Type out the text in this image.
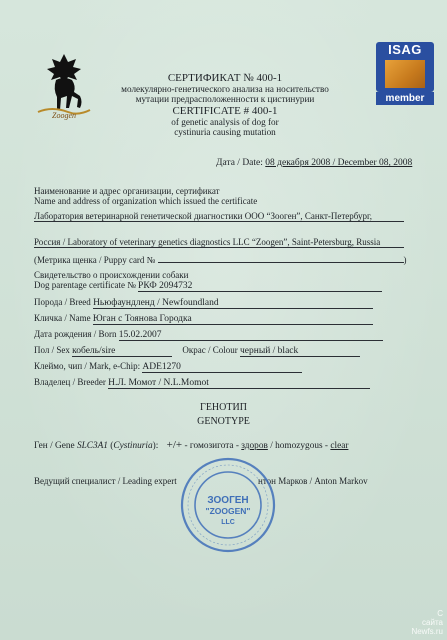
Zoogen
ISAG
member
СЕРТИФИКАТ № 400-1
молекулярно-генетического анализа на носительство
мутации предрасположенности к цистинурии
CERTIFICATE # 400-1
of genetic analysis of dog for
cystinuria causing mutation
Дата / Date: 08 декабря 2008 / December 08, 2008
Наименование и адрес организации, сертификат
Name and address of organization which issued the certificate
Лаборатория ветеринарной генетической диагностики ООО “Зооген”, Санкт-Петербург,
Россия / Laboratory of veterinary genetics diagnostics LLC “Zoogen”, Saint-Petersburg, Russia
(Метрика щенка / Puppy card №	)
Свидетельство о происхождении собаки
Dog parentage certificate № РКФ 2094732
Порода / Breed Ньюфаундленд / Newfoundland
Кличка / Name Юган с Тоянова Городка
Дата рождения / Born 15.02.2007
Пол / Sex кобель/sire	Окрас / Colour черный / black
Клеймо, чип / Mark, e-Chip: ADE1270
Владелец / Breeder Н.Л. Момот / N.L.Momot
ГЕНОТИП
GENOTYPE
Ген / Gene SLC3A1 (Cystinuria): +/+ - гомозигота - здоров / homozygous - clear
Ведущий специалист / Leading expert	нтон Марков / Anton Markov
ЗООГЕН
"ZOOGEN"
LLC
С
сайта
Newfs.ru
